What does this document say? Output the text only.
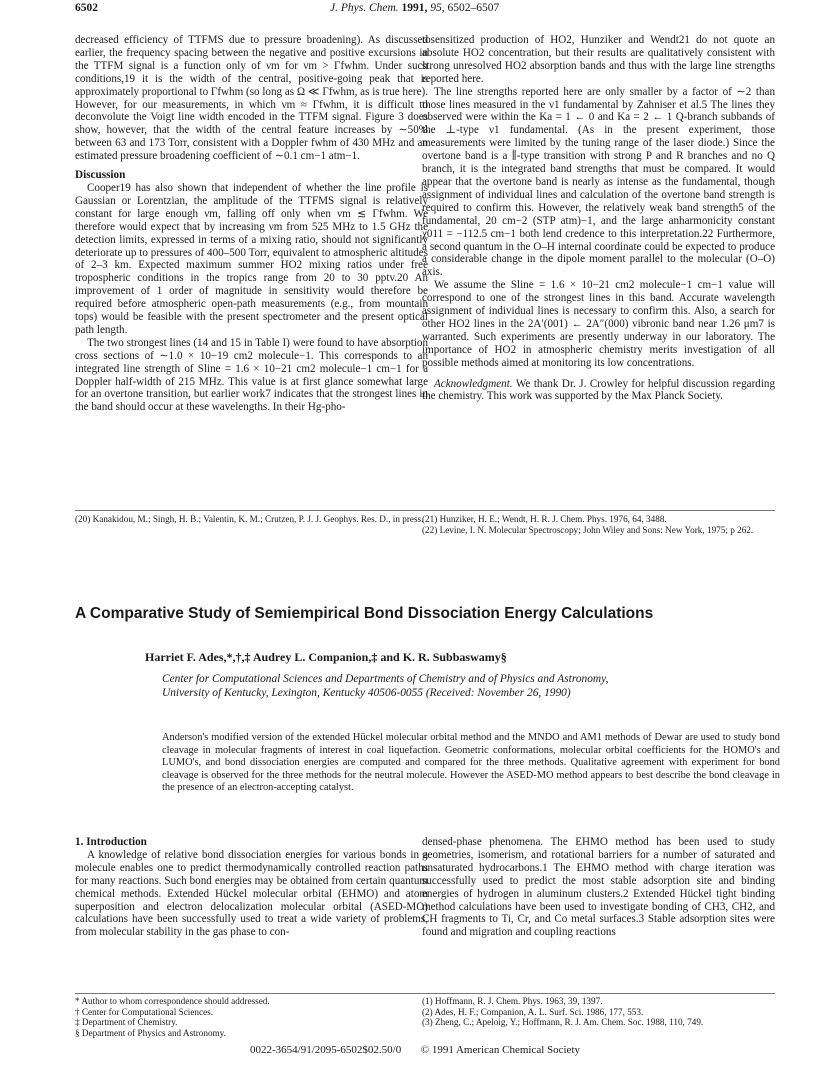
6502	J. Phys. Chem. 1991, 95, 6502–6507

decreased efficiency of TTFMS due to pressure broadening). As discussed earlier, the frequency spacing between the negative and positive excursions in the TTFM signal is a function only of νm for νm > Γfwhm. Under such conditions,19 it is the width of the central, positive-going peak that is approximately proportional to Γfwhm (so long as Ω ≪ Γfwhm, as is true here). However, for our measurements, in which νm ≈ Γfwhm, it is difficult to deconvolute the Voigt line width encoded in the TTFM signal. Figure 3 does show, however, that the width of the central feature increases by ∼50% between 63 and 173 Torr, consistent with a Doppler fwhm of 430 MHz and an estimated pressure broadening coefficient of ∼0.1 cm−1 atm−1.

Discussion

Cooper19 has also shown that independent of whether the line profile is Gaussian or Lorentzian, the amplitude of the TTFMS signal is relatively constant for large enough νm, falling off only when νm ≲ Γfwhm. We therefore would expect that by increasing νm from 525 MHz to 1.5 GHz the detection limits, expressed in terms of a mixing ratio, should not significantly deteriorate up to pressures of 400–500 Torr, equivalent to atmospheric altitudes of 2–3 km. Expected maximum summer HO2 mixing ratios under free tropospheric conditions in the tropics range from 20 to 30 pptv.20 An improvement of 1 order of magnitude in sensitivity would therefore be required before atmospheric open-path measurements (e.g., from mountain tops) would be feasible with the present spectrometer and the present optical path length.

The two strongest lines (14 and 15 in Table I) were found to have absorption cross sections of ∼1.0 × 10−19 cm2 molecule−1. This corresponds to an integrated line strength of Sline = 1.6 × 10−21 cm2 molecule−1 cm−1 for a Doppler half-width of 215 MHz. This value is at first glance somewhat large for an overtone transition, but earlier work7 indicates that the strongest lines in the band should occur at these wavelengths. In their Hg-pho-

(20) Kanakidou, M.; Singh, H. B.; Valentin, K. M.; Crutzen, P. J. J. Geophys. Res. D., in press.

tosensitized production of HO2, Hunziker and Wendt21 do not quote an absolute HO2 concentration, but their results are qualitatively consistent with strong unresolved HO2 absorption bands and thus with the large line strengths reported here.

The line strengths reported here are only smaller by a factor of ∼2 than those lines measured in the ν1 fundamental by Zahniser et al.5 The lines they observed were within the Ka = 1 ← 0 and Ka = 2 ← 1 Q-branch subbands of the ⊥-type ν1 fundamental. (As in the present experiment, those measurements were limited by the tuning range of the laser diode.) Since the overtone band is a ∥-type transition with strong P and R branches and no Q branch, it is the integrated band strengths that must be compared. It would appear that the overtone band is nearly as intense as the fundamental, though assignment of individual lines and calculation of the overtone band strength is required to confirm this. However, the relatively weak band strength5 of the fundamental, 20 cm−2 (STP atm)−1, and the large anharmonicity constant χ011 = −112.5 cm−1 both lend credence to this interpretation.22 Furthermore, a second quantum in the O–H internal coordinate could be expected to produce a considerable change in the dipole moment parallel to the molecular (O–O) axis.

We assume the Sline = 1.6 × 10−21 cm2 molecule−1 cm−1 value will correspond to one of the strongest lines in this band. Accurate wavelength assignment of individual lines is necessary to confirm this. Also, a search for other HO2 lines in the 2A′(001) ← 2A″(000) vibronic band near 1.26 μm7 is warranted. Such experiments are presently underway in our laboratory. The importance of HO2 in atmospheric chemistry merits investigation of all possible methods aimed at monitoring its low concentrations.

Acknowledgment. We thank Dr. J. Crowley for helpful discussion regarding the chemistry. This work was supported by the Max Planck Society.

(21) Hunziker, H. E.; Wendt, H. R. J. Chem. Phys. 1976, 64, 3488.

(22) Levine, I. N. Molecular Spectroscopy; John Wiley and Sons: New York, 1975; p 262.

A Comparative Study of Semiempirical Bond Dissociation Energy Calculations
Harriet F. Ades,*,†,‡ Audrey L. Companion,‡ and K. R. Subbaswamy§
Center for Computational Sciences and Departments of Chemistry and of Physics and Astronomy,
University of Kentucky, Lexington, Kentucky 40506-0055 (Received: November 26, 1990)

Anderson's modified version of the extended Hückel molecular orbital method and the MNDO and AM1 methods of Dewar are used to study bond cleavage in molecular fragments of interest in coal liquefaction. Geometric conformations, molecular orbital coefficients for the HOMO's and LUMO's, and bond dissociation energies are computed and compared for the three methods. Qualitative agreement with experiment for bond cleavage is observed for the three methods for the neutral molecule. However the ASED-MO method appears to best describe the bond cleavage in the presence of an electron-accepting catalyst.

1. Introduction

A knowledge of relative bond dissociation energies for various bonds in a molecule enables one to predict thermodynamically controlled reaction paths for many reactions. Such bond energies may be obtained from certain quantum chemical methods. Extended Hückel molecular orbital (EHMO) and atom superposition and electron delocalization molecular orbital (ASED-MO) calculations have been successfully used to treat a wide variety of problems, from molecular stability in the gas phase to con-

* Author to whom correspondence should addressed.

† Center for Computational Sciences.

‡ Department of Chemistry.

§ Department of Physics and Astronomy.

densed-phase phenomena. The EHMO method has been used to study geometries, isomerism, and rotational barriers for a number of saturated and unsaturated hydrocarbons.1 The EHMO method with charge iteration was successfully used to predict the most stable adsorption site and binding energies of hydrogen in aluminum clusters.2 Extended Hückel tight binding method calculations have been used to investigate bonding of CH3, CH2, and CH fragments to Ti, Cr, and Co metal surfaces.3 Stable adsorption sites were found and migration and coupling reactions

(1) Hoffmann, R. J. Chem. Phys. 1963, 39, 1397.

(2) Ades, H. F.; Companion, A. L. Surf. Sci. 1986, 177, 553.

(3) Zheng, C.; Apeloig, Y.; Hoffmann, R. J. Am. Chem. Soc. 1988, 110, 749.

0022-3654/91/2095-6502$02.50/0 © 1991 American Chemical Society
